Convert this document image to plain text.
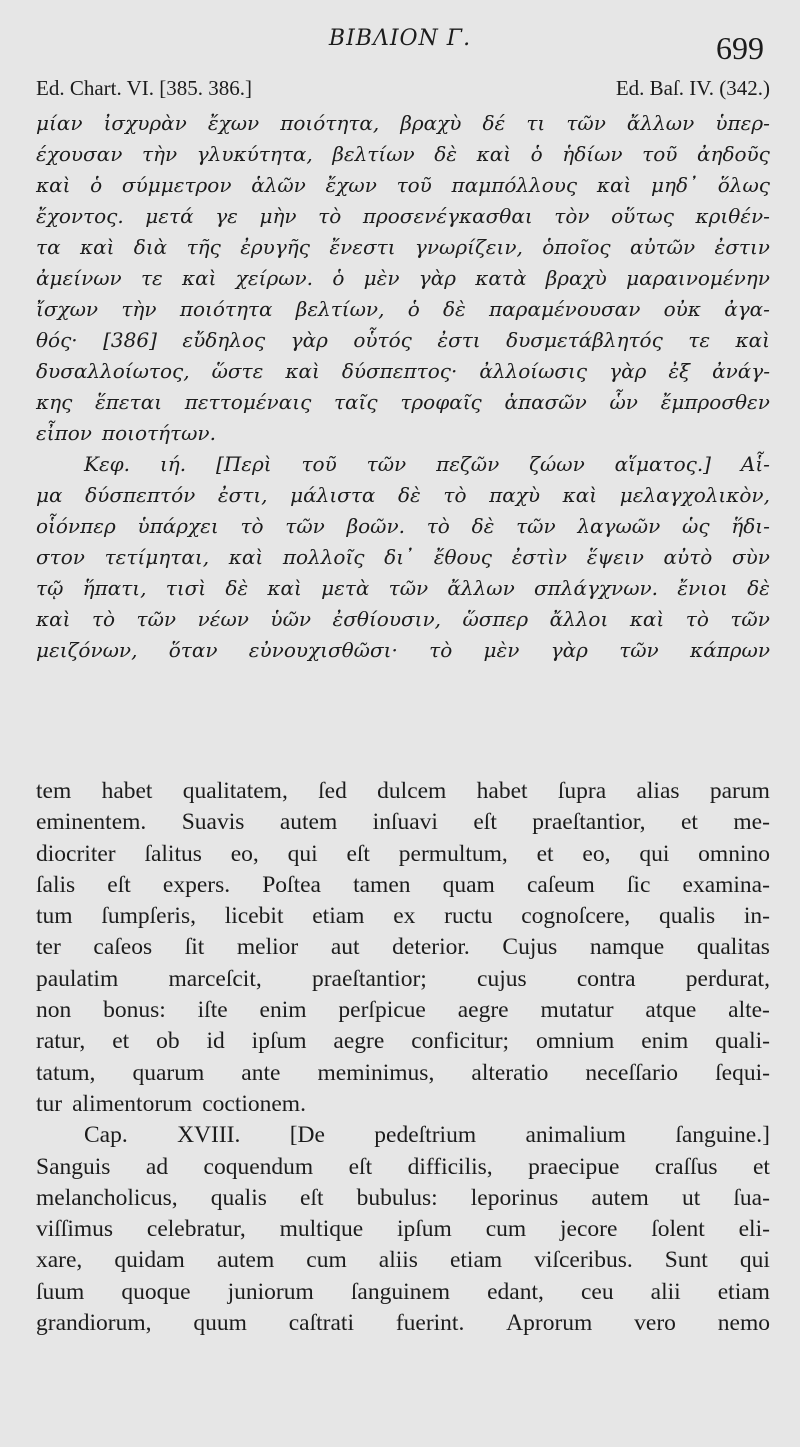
ΒΙΒΛΙΟΝ Γ.	699
Ed. Chart. VI. [385. 386.]	Ed. Baſ. IV. (342.)
μίαν ἰσχυρὰν ἔχων ποιότητα, βραχὺ δέ τι τῶν ἄλλων ὑπερ-
έχουσαν τὴν γλυκύτητα, βελτίων δὲ καὶ ὁ ἡδίων τοῦ ἀηδοῦς
καὶ ὁ σύμμετρον ἁλῶν ἔχων τοῦ παμπόλλους καὶ μηδ᾽ ὅλως
ἔχοντος. μετά γε μὴν τὸ προσενέγκασθαι τὸν οὕτως κριθέν-
τα καὶ διὰ τῆς ἐρυγῆς ἔνεστι γνωρίζειν, ὁποῖος αὐτῶν ἐστιν
ἀμείνων τε καὶ χείρων. ὁ μὲν γὰρ κατὰ βραχὺ μαραινομένην
ἴσχων τὴν ποιότητα βελτίων, ὁ δὲ παραμένουσαν οὐκ ἀγα-
θός· [386] εὔδηλος γὰρ οὗτός ἐστι δυσμετάβλητός τε καὶ
δυσαλλοίωτος, ὥστε καὶ δύσπεπτος· ἀλλοίωσις γὰρ ἐξ ἀνάγ-
κης ἕπεται πεττομέναις ταῖς τροφαῖς ἁπασῶν ὧν ἔμπροσθεν
εἶπον ποιοτήτων.
Κεφ. ιή. [Περὶ τοῦ τῶν πεζῶν ζώων αἵματος.] Αἷ-
μα δύσπεπτόν ἐστι, μάλιστα δὲ τὸ παχὺ καὶ μελαγχολικὸν,
οἷόνπερ ὑπάρχει τὸ τῶν βοῶν. τὸ δὲ τῶν λαγωῶν ὡς ἥδι-
στον τετίμηται, καὶ πολλοῖς δι᾽ ἔθους ἐστὶν ἕψειν αὐτὸ σὺν
τῷ ἥπατι, τισὶ δὲ καὶ μετὰ τῶν ἄλλων σπλάγχνων. ἔνιοι δὲ
καὶ τὸ τῶν νέων ὑῶν ἐσθίουσιν, ὥσπερ ἄλλοι καὶ τὸ τῶν
μειζόνων, ὅταν εὐνουχισθῶσι· τὸ μὲν γὰρ τῶν κάπρων
tem habet qualitatem, ſed dulcem habet ſupra alias parum
eminentem. Suavis autem inſuavi eſt praeſtantior, et me-
diocriter ſalitus eo, qui eſt permultum, et eo, qui omnino
ſalis eſt expers. Poſtea tamen quam caſeum ſic examina-
tum ſumpſeris, licebit etiam ex ructu cognoſcere, qualis in-
ter caſeos ſit melior aut deterior. Cujus namque qualitas
paulatim marceſcit, praeſtantior; cujus contra perdurat,
non bonus: iſte enim perſpicue aegre mutatur atque alte-
ratur, et ob id ipſum aegre conficitur; omnium enim quali-
tatum, quarum ante meminimus, alteratio neceſſario ſequi-
tur alimentorum coctionem.
Cap. XVIII. [De pedeſtrium animalium ſanguine.]
Sanguis ad coquendum eſt difficilis, praecipue craſſus et
melancholicus, qualis eſt bubulus: leporinus autem ut ſua-
viſſimus celebratur, multique ipſum cum jecore ſolent eli-
xare, quidam autem cum aliis etiam viſceribus. Sunt qui
ſuum quoque juniorum ſanguinem edant, ceu alii etiam
grandiorum, quum caſtrati fuerint. Aprorum vero nemo
